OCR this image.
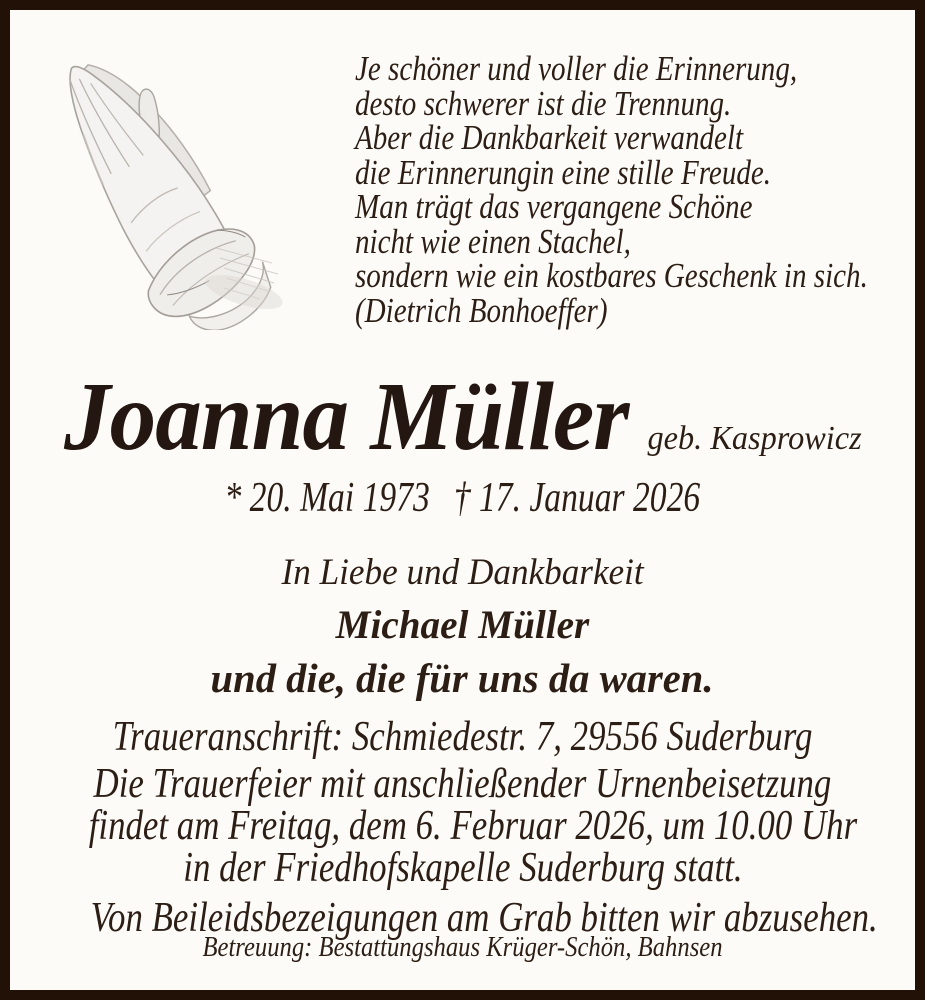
Je schöner und voller die Erinnerung,
desto schwerer ist die Trennung.
Aber die Dankbarkeit verwandelt
die Erinnerungin eine stille Freude.
Man trägt das vergangene Schöne
nicht wie einen Stachel,
sondern wie ein kostbares Geschenk in sich.
(Dietrich Bonhoeffer)
Joanna Müller geb. Kasprowicz
* 20. Mai 1973 † 17. Januar 2026
In Liebe und Dankbarkeit
Michael Müller
und die, die für uns da waren.
Traueranschrift: Schmiedestr. 7, 29556 Suderburg
Die Trauerfeier mit anschließender Urnenbeisetzung
findet am Freitag, dem 6. Februar 2026, um 10.00 Uhr
in der Friedhofskapelle Suderburg statt.
Von Beileidsbezeigungen am Grab bitten wir abzusehen.
Betreuung: Bestattungshaus Krüger-Schön, Bahnsen
